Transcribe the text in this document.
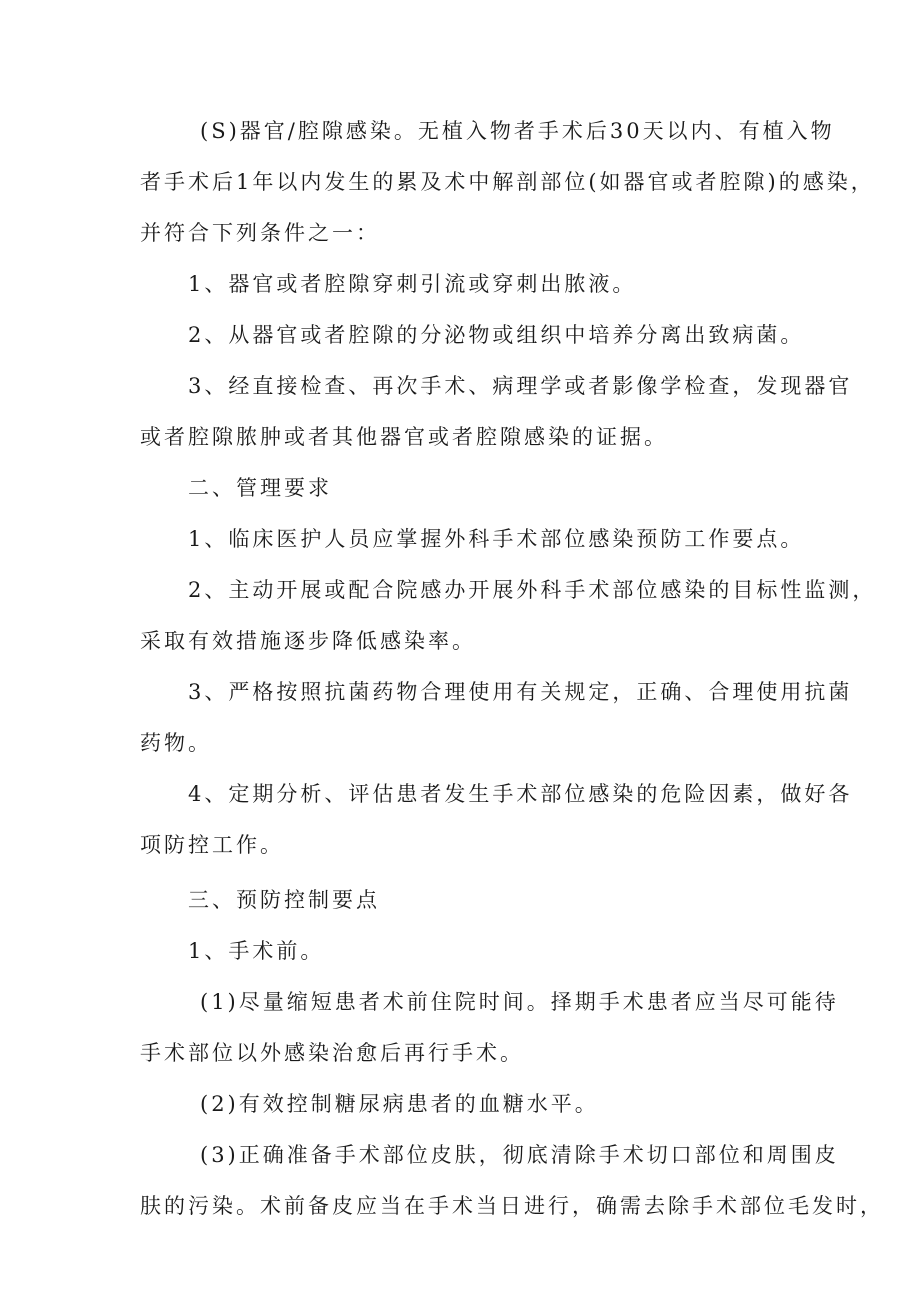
(S)器官/腔隙感染。无植入物者手术后30天以内、有植入物
者手术后1年以内发生的累及术中解剖部位(如器官或者腔隙)的感染，
并符合下列条件之一：
1、器官或者腔隙穿刺引流或穿刺出脓液。
2、从器官或者腔隙的分泌物或组织中培养分离出致病菌。
3、经直接检查、再次手术、病理学或者影像学检查，发现器官
或者腔隙脓肿或者其他器官或者腔隙感染的证据。
二、管理要求
1、临床医护人员应掌握外科手术部位感染预防工作要点。
2、主动开展或配合院感办开展外科手术部位感染的目标性监测，
采取有效措施逐步降低感染率。
3、严格按照抗菌药物合理使用有关规定，正确、合理使用抗菌
药物。
4、定期分析、评估患者发生手术部位感染的危险因素，做好各
项防控工作。
三、预防控制要点
1、手术前。
(1)尽量缩短患者术前住院时间。择期手术患者应当尽可能待
手术部位以外感染治愈后再行手术。
(2)有效控制糖尿病患者的血糖水平。
(3)正确准备手术部位皮肤，彻底清除手术切口部位和周围皮
肤的污染。术前备皮应当在手术当日进行，确需去除手术部位毛发时，
